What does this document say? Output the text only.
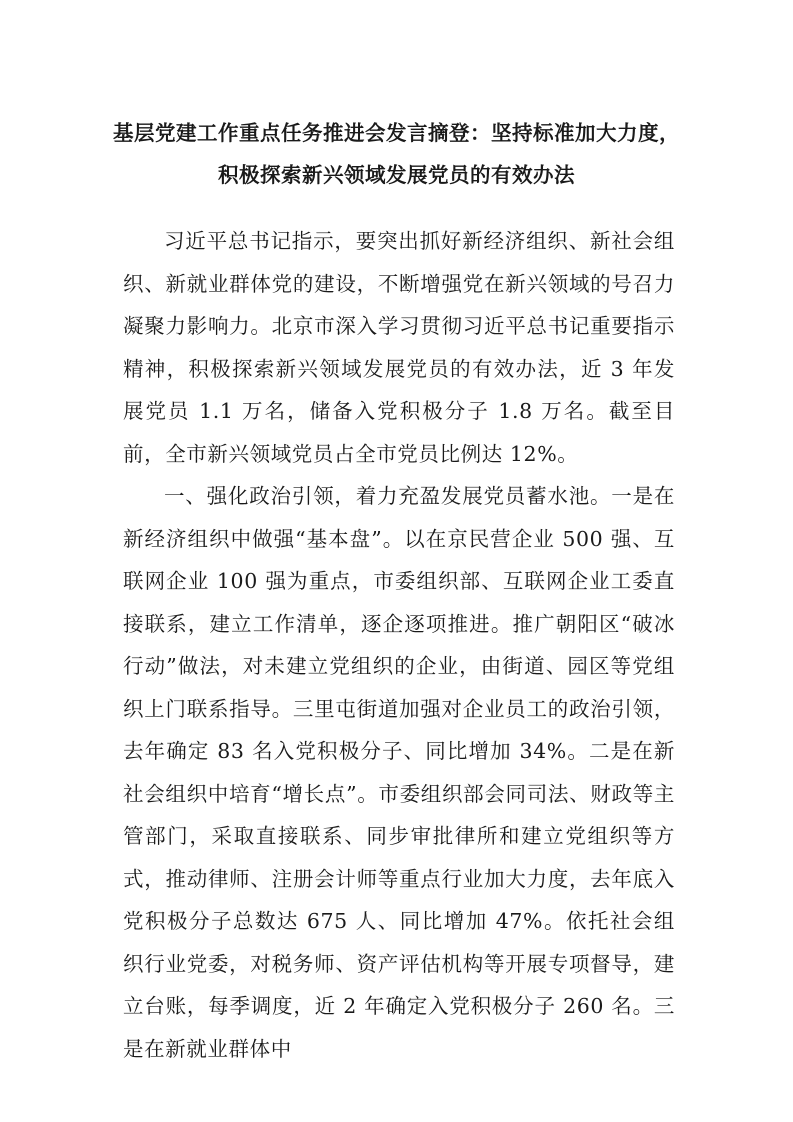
基层党建工作重点任务推进会发言摘登：坚持标准加大力度，
积极探索新兴领域发展党员的有效办法

习近平总书记指示，要突出抓好新经济组织、新社会组织、新就业群体党的建设，不断增强党在新兴领域的号召力凝聚力影响力。北京市深入学习贯彻习近平总书记重要指示精神，积极探索新兴领域发展党员的有效办法，近 3 年发展党员 1.1 万名，储备入党积极分子 1.8 万名。截至目前，全市新兴领域党员占全市党员比例达 12%。

一、强化政治引领，着力充盈发展党员蓄水池。一是在新经济组织中做强“基本盘”。以在京民营企业 500 强、互联网企业 100 强为重点，市委组织部、互联网企业工委直接联系，建立工作清单，逐企逐项推进。推广朝阳区“破冰行动”做法，对未建立党组织的企业，由街道、园区等党组织上门联系指导。三里屯街道加强对企业员工的政治引领，去年确定 83 名入党积极分子、同比增加 34%。二是在新社会组织中培育“增长点”。市委组织部会同司法、财政等主管部门，采取直接联系、同步审批律所和建立党组织等方式，推动律师、注册会计师等重点行业加大力度，去年底入党积极分子总数达 675 人、同比增加 47%。依托社会组织行业党委，对税务师、资产评估机构等开展专项督导，建立台账，每季调度，近 2 年确定入党积极分子 260 名。三是在新就业群体中
